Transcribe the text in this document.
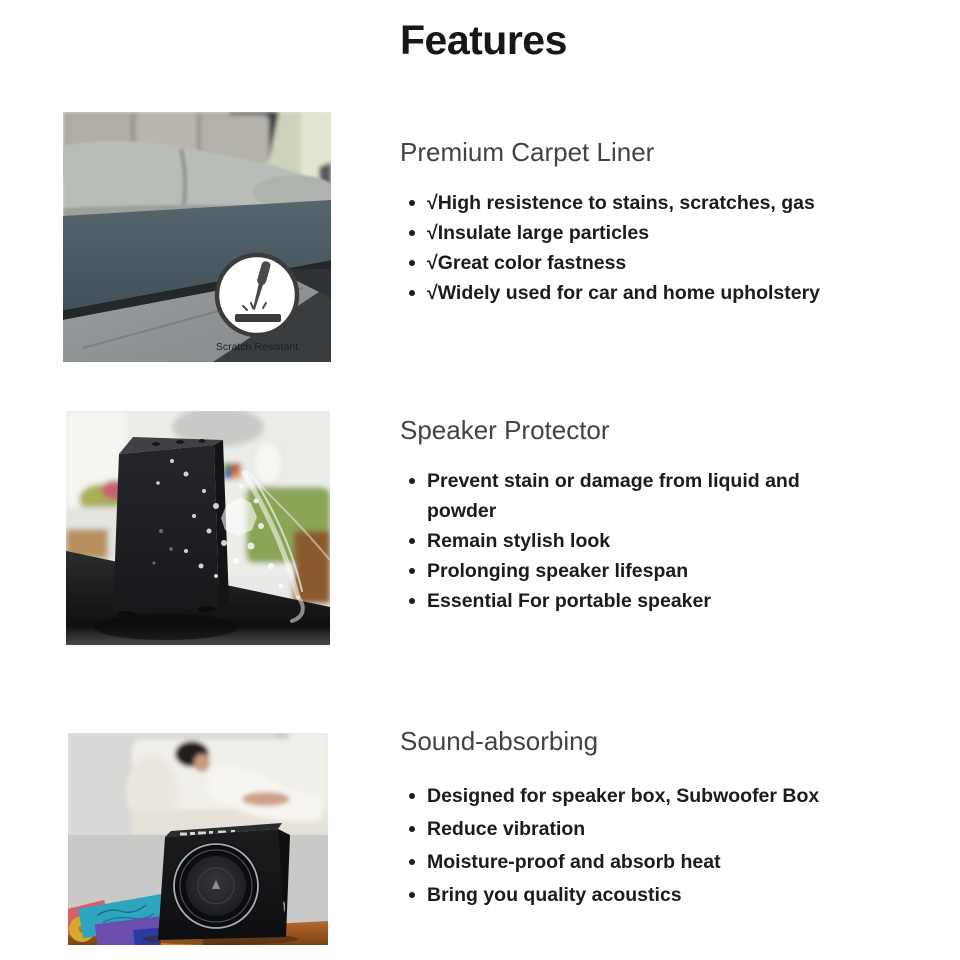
Features
Scratch Resistant
Premium Carpet Liner
√High resistence to stains, scratches, gas
√Insulate large particles
√Great color fastness
√Widely used for car and home upholstery
Speaker Protector
Prevent stain or damage from liquid and powder
Remain stylish look
Prolonging speaker lifespan
Essential For portable speaker
Sound-absorbing
Designed for speaker box, Subwoofer Box
Reduce vibration
Moisture-proof and absorb heat
Bring you quality acoustics
